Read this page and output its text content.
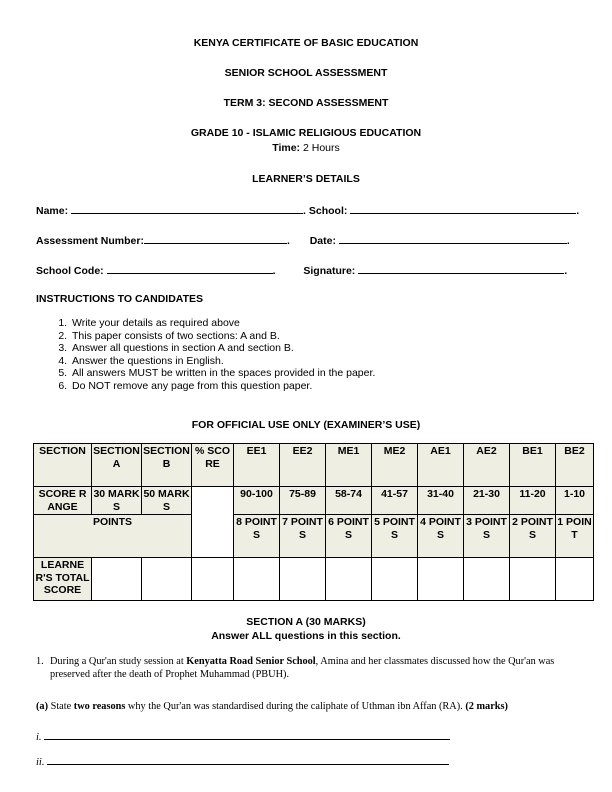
KENYA CERTIFICATE OF BASIC EDUCATION
SENIOR SCHOOL ASSESSMENT
TERM 3: SECOND ASSESSMENT
GRADE 10 - ISLAMIC RELIGIOUS EDUCATION
Time: 2 Hours
LEARNER’S DETAILS
Name:	. School:	.
Assessment Number:	. Date:	.
School Code:	.	Signature:	.
INSTRUCTIONS TO CANDIDATES
1. Write your details as required above
2. This paper consists of two sections: A and B.
3. Answer all questions in section A and section B.
4. Answer the questions in English.
5. All answers MUST be written in the spaces provided in the paper.
6. Do NOT remove any page from this question paper.
FOR OFFICIAL USE ONLY (EXAMINER’S USE)
SECTION	SECTION A	SECTION B	% SCORE	EE1	EE2	ME1	ME2	AE1	AE2	BE1	BE2
SCORE RANGE	30 MARKS	50 MARKS		90-100	75-89	58-74	41-57	31-40	21-30	11-20	1-10
POINTS				8 POINTS	7 POINTS	6 POINTS	5 POINTS	4 POINTS	3 POINTS	2 POINTS	1 POINT
LEARNER'S TOTAL SCORE											
SECTION A (30 MARKS)
Answer ALL questions in this section.
1. During a Qur'an study session at Kenyatta Road Senior School, Amina and her classmates discussed how the Qur'an was preserved after the death of Prophet Muhammad (PBUH).
(a) State two reasons why the Qur'an was standardised during the caliphate of Uthman ibn Affan (RA). (2 marks)
i.
ii.
